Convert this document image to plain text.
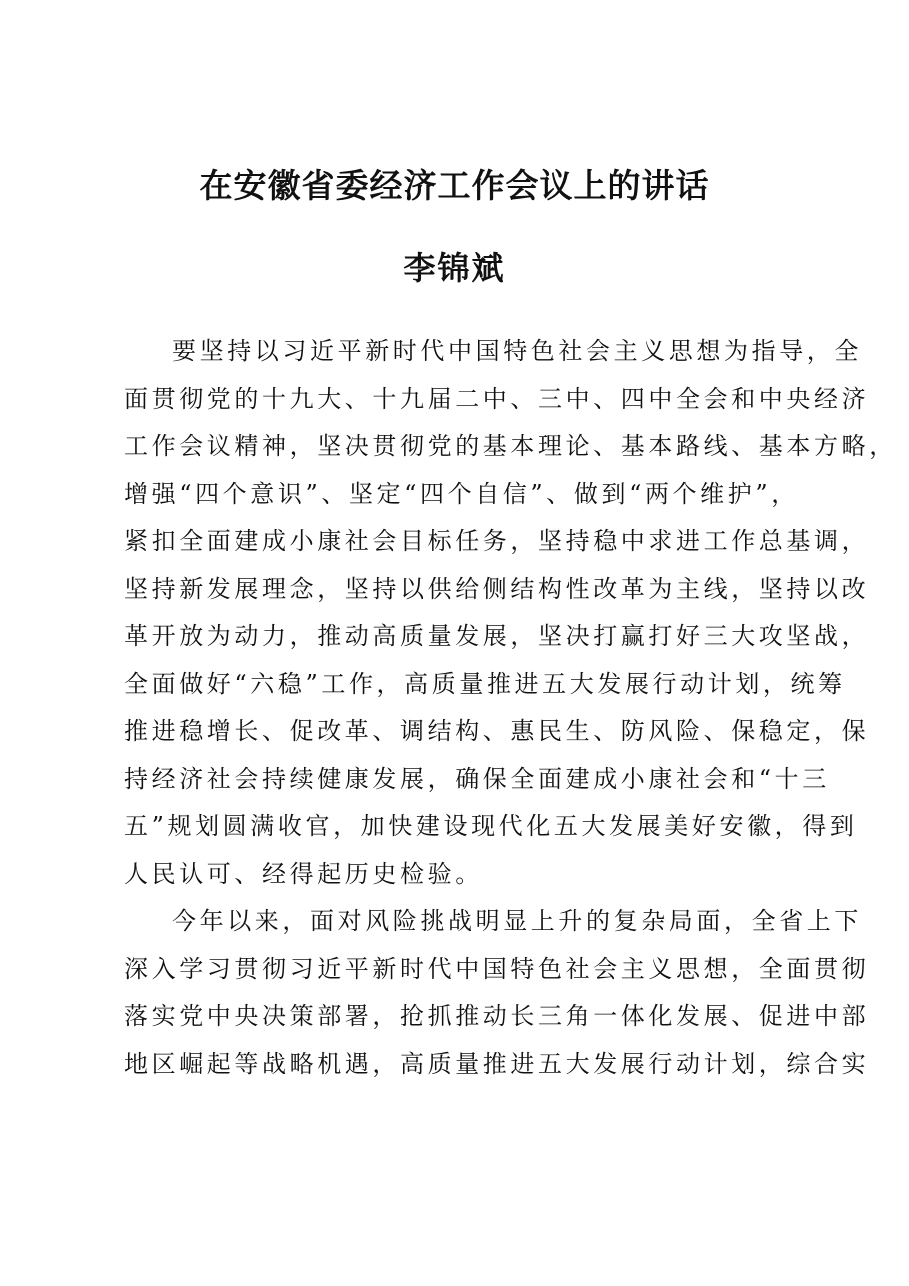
在安徽省委经济工作会议上的讲话
李锦斌
要坚持以习近平新时代中国特色社会主义思想为指导，全
面贯彻党的十九大、十九届二中、三中、四中全会和中央经济
工作会议精神，坚决贯彻党的基本理论、基本路线、基本方略，
增强“四个意识”、坚定“四个自信”、做到“两个维护”，
紧扣全面建成小康社会目标任务，坚持稳中求进工作总基调，
坚持新发展理念，坚持以供给侧结构性改革为主线，坚持以改
革开放为动力，推动高质量发展，坚决打赢打好三大攻坚战，
全面做好“六稳”工作，高质量推进五大发展行动计划，统筹
推进稳增长、促改革、调结构、惠民生、防风险、保稳定，保
持经济社会持续健康发展，确保全面建成小康社会和“十三
五”规划圆满收官，加快建设现代化五大发展美好安徽，得到
人民认可、经得起历史检验。
今年以来，面对风险挑战明显上升的复杂局面，全省上下
深入学习贯彻习近平新时代中国特色社会主义思想，全面贯彻
落实党中央决策部署，抢抓推动长三角一体化发展、促进中部
地区崛起等战略机遇，高质量推进五大发展行动计划，综合实
